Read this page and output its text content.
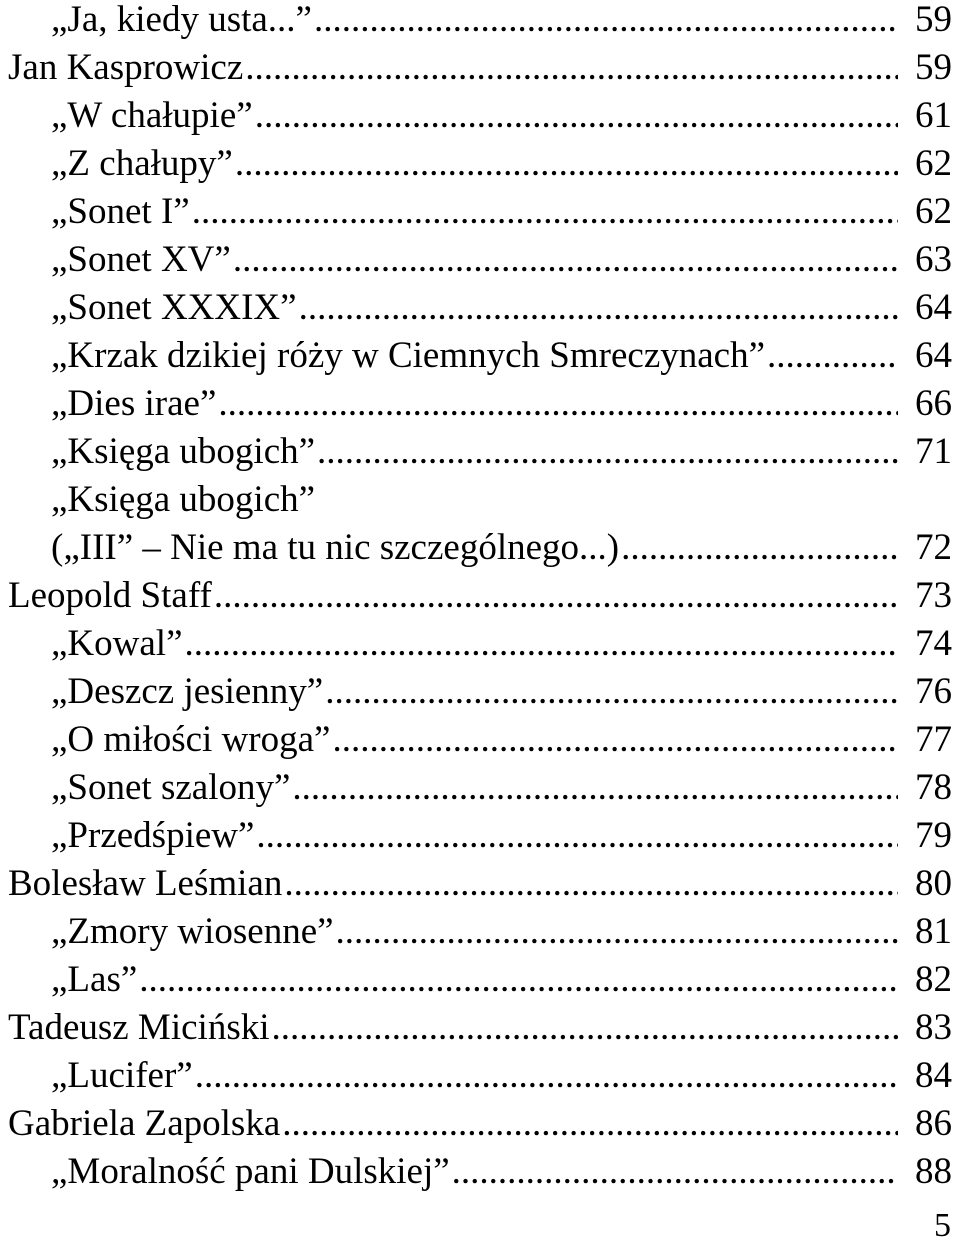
„Ja, kiedy usta...” .....	59
Jan Kasprowicz .....	59
„W chałupie” .....	61
„Z chałupy” .....	62
„Sonet I” .....	62
„Sonet XV” .....	63
„Sonet XXXIX” .....	64
„Krzak dzikiej róży w Ciemnych Smreczynach” .....	64
„Dies irae” .....	66
„Księga ubogich” .....	71
„Księga ubogich”
(„III” – Nie ma tu nic szczególnego...) .....	72
Leopold Staff .....	73
„Kowal” .....	74
„Deszcz jesienny” .....	76
„O miłości wroga” .....	77
„Sonet szalony” .....	78
„Przedśpiew” .....	79
Bolesław Leśmian .....	80
„Zmory wiosenne” .....	81
„Las” .....	82
Tadeusz Miciński .....	83
„Lucifer” .....	84
Gabriela Zapolska .....	86
„Moralność pani Dulskiej” .....	88
5
